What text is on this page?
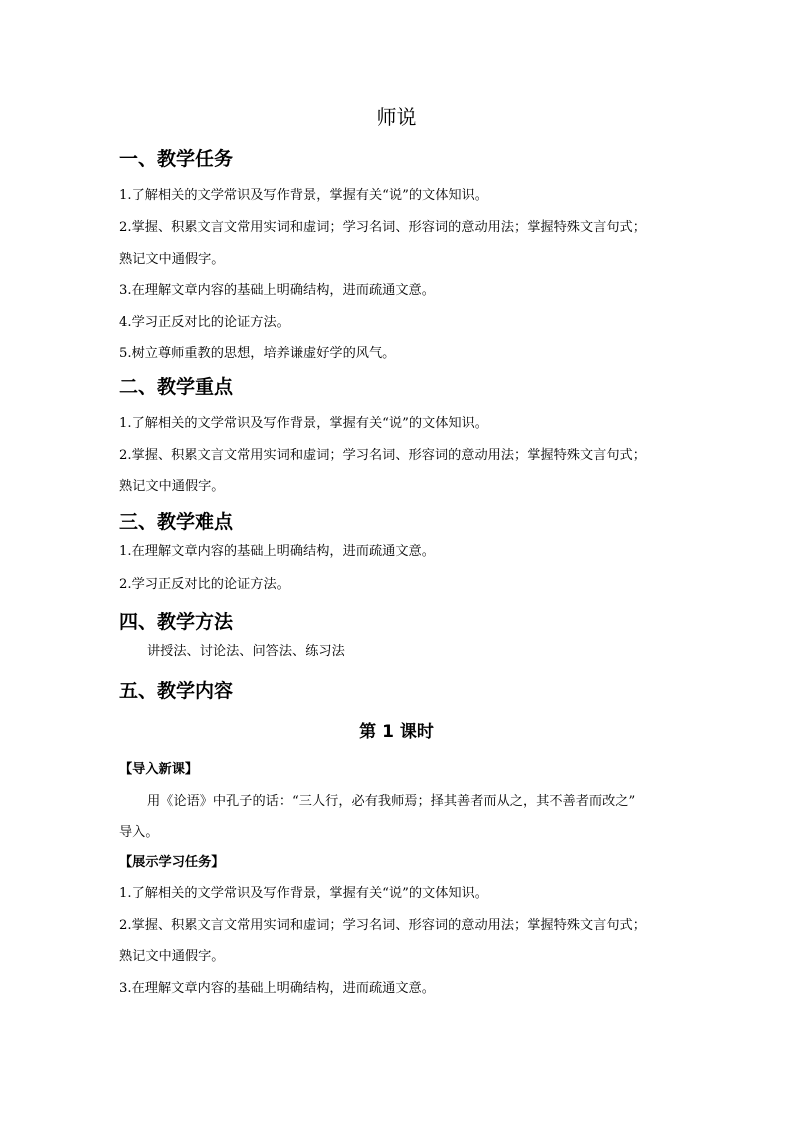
师说
一、教学任务
1.了解相关的文学常识及写作背景，掌握有关“说”的文体知识。
2.掌握、积累文言文常用实词和虚词；学习名词、形容词的意动用法；掌握特殊文言句式；
熟记文中通假字。
3.在理解文章内容的基础上明确结构，进而疏通文意。
4.学习正反对比的论证方法。
5.树立尊师重教的思想，培养谦虚好学的风气。
二、教学重点
1.了解相关的文学常识及写作背景，掌握有关“说”的文体知识。
2.掌握、积累文言文常用实词和虚词；学习名词、形容词的意动用法；掌握特殊文言句式；
熟记文中通假字。
三、教学难点
1.在理解文章内容的基础上明确结构，进而疏通文意。
2.学习正反对比的论证方法。
四、教学方法
讲授法、讨论法、问答法、练习法
五、教学内容
第 1 课时
【导入新课】
用《论语》中孔子的话：“三人行，必有我师焉；择其善者而从之，其不善者而改之”
导入。
【展示学习任务】
1.了解相关的文学常识及写作背景，掌握有关“说”的文体知识。
2.掌握、积累文言文常用实词和虚词；学习名词、形容词的意动用法；掌握特殊文言句式；
熟记文中通假字。
3.在理解文章内容的基础上明确结构，进而疏通文意。
